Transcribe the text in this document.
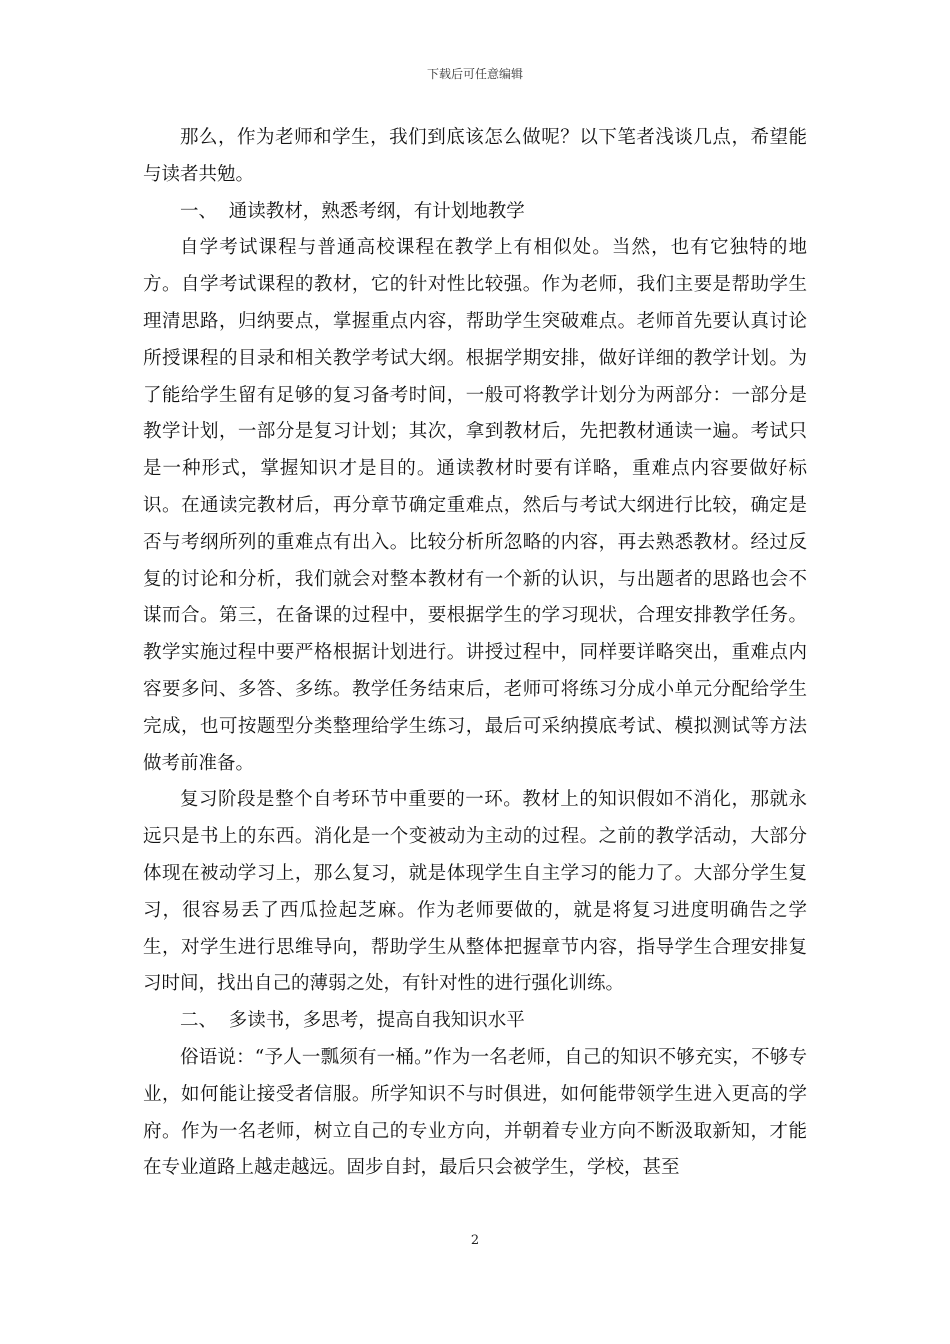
下载后可任意编辑

那么，作为老师和学生，我们到底该怎么做呢？以下笔者浅谈几点，希望能与读者共勉。

一、  通读教材，熟悉考纲，有计划地教学

自学考试课程与普通高校课程在教学上有相似处。当然，也有它独特的地方。自学考试课程的教材，它的针对性比较强。作为老师，我们主要是帮助学生理清思路，归纳要点，掌握重点内容，帮助学生突破难点。老师首先要认真讨论所授课程的目录和相关教学考试大纲。根据学期安排，做好详细的教学计划。为了能给学生留有足够的复习备考时间，一般可将教学计划分为两部分：一部分是教学计划，一部分是复习计划；其次，拿到教材后，先把教材通读一遍。考试只是一种形式，掌握知识才是目的。通读教材时要有详略，重难点内容要做好标识。在通读完教材后，再分章节确定重难点，然后与考试大纲进行比较，确定是否与考纲所列的重难点有出入。比较分析所忽略的内容，再去熟悉教材。经过反复的讨论和分析，我们就会对整本教材有一个新的认识，与出题者的思路也会不谋而合。第三，在备课的过程中，要根据学生的学习现状，合理安排教学任务。教学实施过程中要严格根据计划进行。讲授过程中，同样要详略突出，重难点内容要多问、多答、多练。教学任务结束后，老师可将练习分成小单元分配给学生完成，也可按题型分类整理给学生练习，最后可采纳摸底考试、模拟测试等方法做考前准备。

复习阶段是整个自考环节中重要的一环。教材上的知识假如不消化，那就永远只是书上的东西。消化是一个变被动为主动的过程。之前的教学活动，大部分体现在被动学习上，那么复习，就是体现学生自主学习的能力了。大部分学生复习，很容易丢了西瓜捡起芝麻。作为老师要做的，就是将复习进度明确告之学生，对学生进行思维导向，帮助学生从整体把握章节内容，指导学生合理安排复习时间，找出自己的薄弱之处，有针对性的进行强化训练。

二、  多读书，多思考，提高自我知识水平

俗语说：“予人一瓢须有一桶。”作为一名老师，自己的知识不够充实，不够专业，如何能让接受者信服。所学知识不与时俱进，如何能带领学生进入更高的学府。作为一名老师，树立自己的专业方向，并朝着专业方向不断汲取新知，才能在专业道路上越走越远。固步自封，最后只会被学生，学校，甚至

2
